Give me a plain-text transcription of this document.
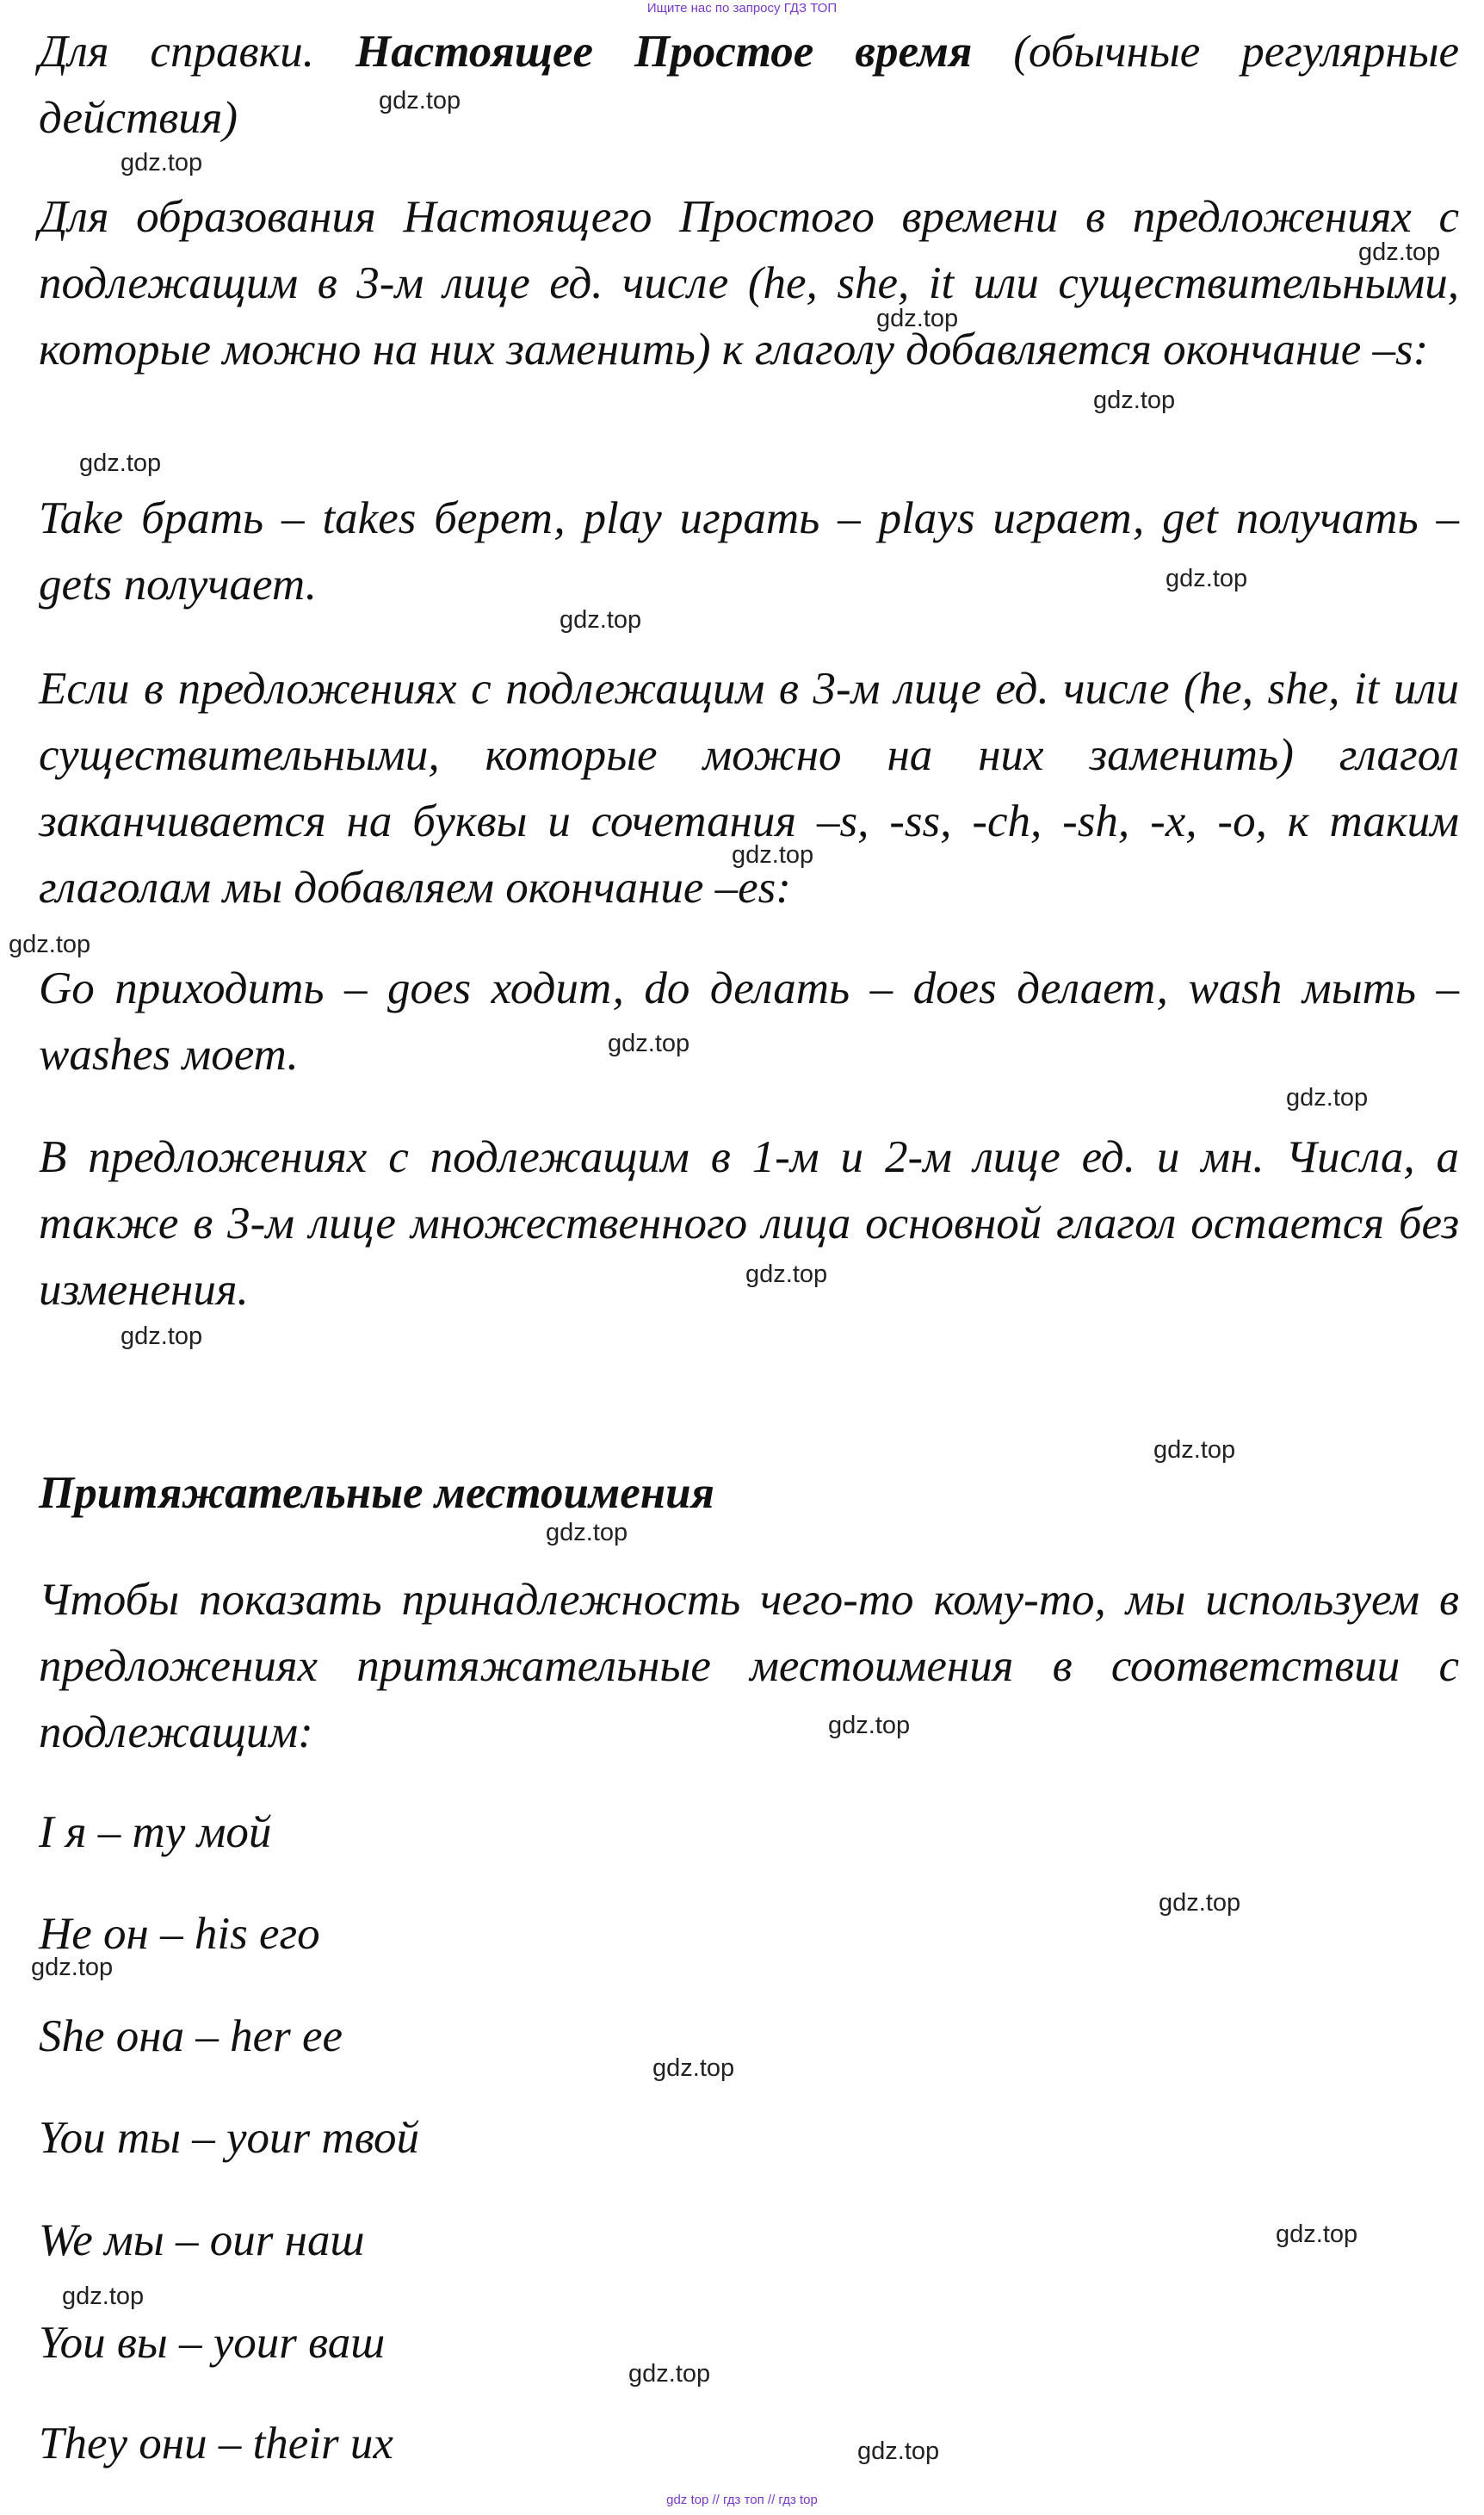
Ищите нас по запросу ГДЗ ТОП

Для справки. Настоящее Простое время (обычные регулярные действия)

Для образования Настоящего Простого времени в предложениях с подлежащим в 3-м лице ед. числе (he, she, it или существительными, которые можно на них заменить) к глаголу добавляется окончание –s:

Take брать – takes берет, play играть – plays играет, get получать – gets получает.

Если в предложениях с подлежащим в 3-м лице ед. числе (he, she, it или существительными, которые можно на них заменить) глагол заканчивается на буквы и сочетания –s, -ss, -ch, -sh, -x, -o, к таким глаголам мы добавляем окончание –es:

Go приходить – goes ходит, do делать – does делает, wash мыть – washes моет.

В предложениях с подлежащим в 1-м и 2-м лице ед. и мн. Числа, а также в 3-м лице множественного лица основной глагол остается без изменения.

Притяжательные местоимения

Чтобы показать принадлежность чего-то кому-то, мы используем в предложениях притяжательные местоимения в соответствии с подлежащим:

I я – my мой

He он – his его

She она – her ее

You ты – your твой

We мы – our наш

You вы – your ваш

They они – their их

gdz.top
gdz.top
gdz.top
gdz.top
gdz.top
gdz.top
gdz.top
gdz.top
gdz.top
gdz.top
gdz.top
gdz.top
gdz.top
gdz.top
gdz.top
gdz.top
gdz.top
gdz.top
gdz.top
gdz.top
gdz.top
gdz.top
gdz.top
gdz.top
gdz top // гдз топ // гдз top
